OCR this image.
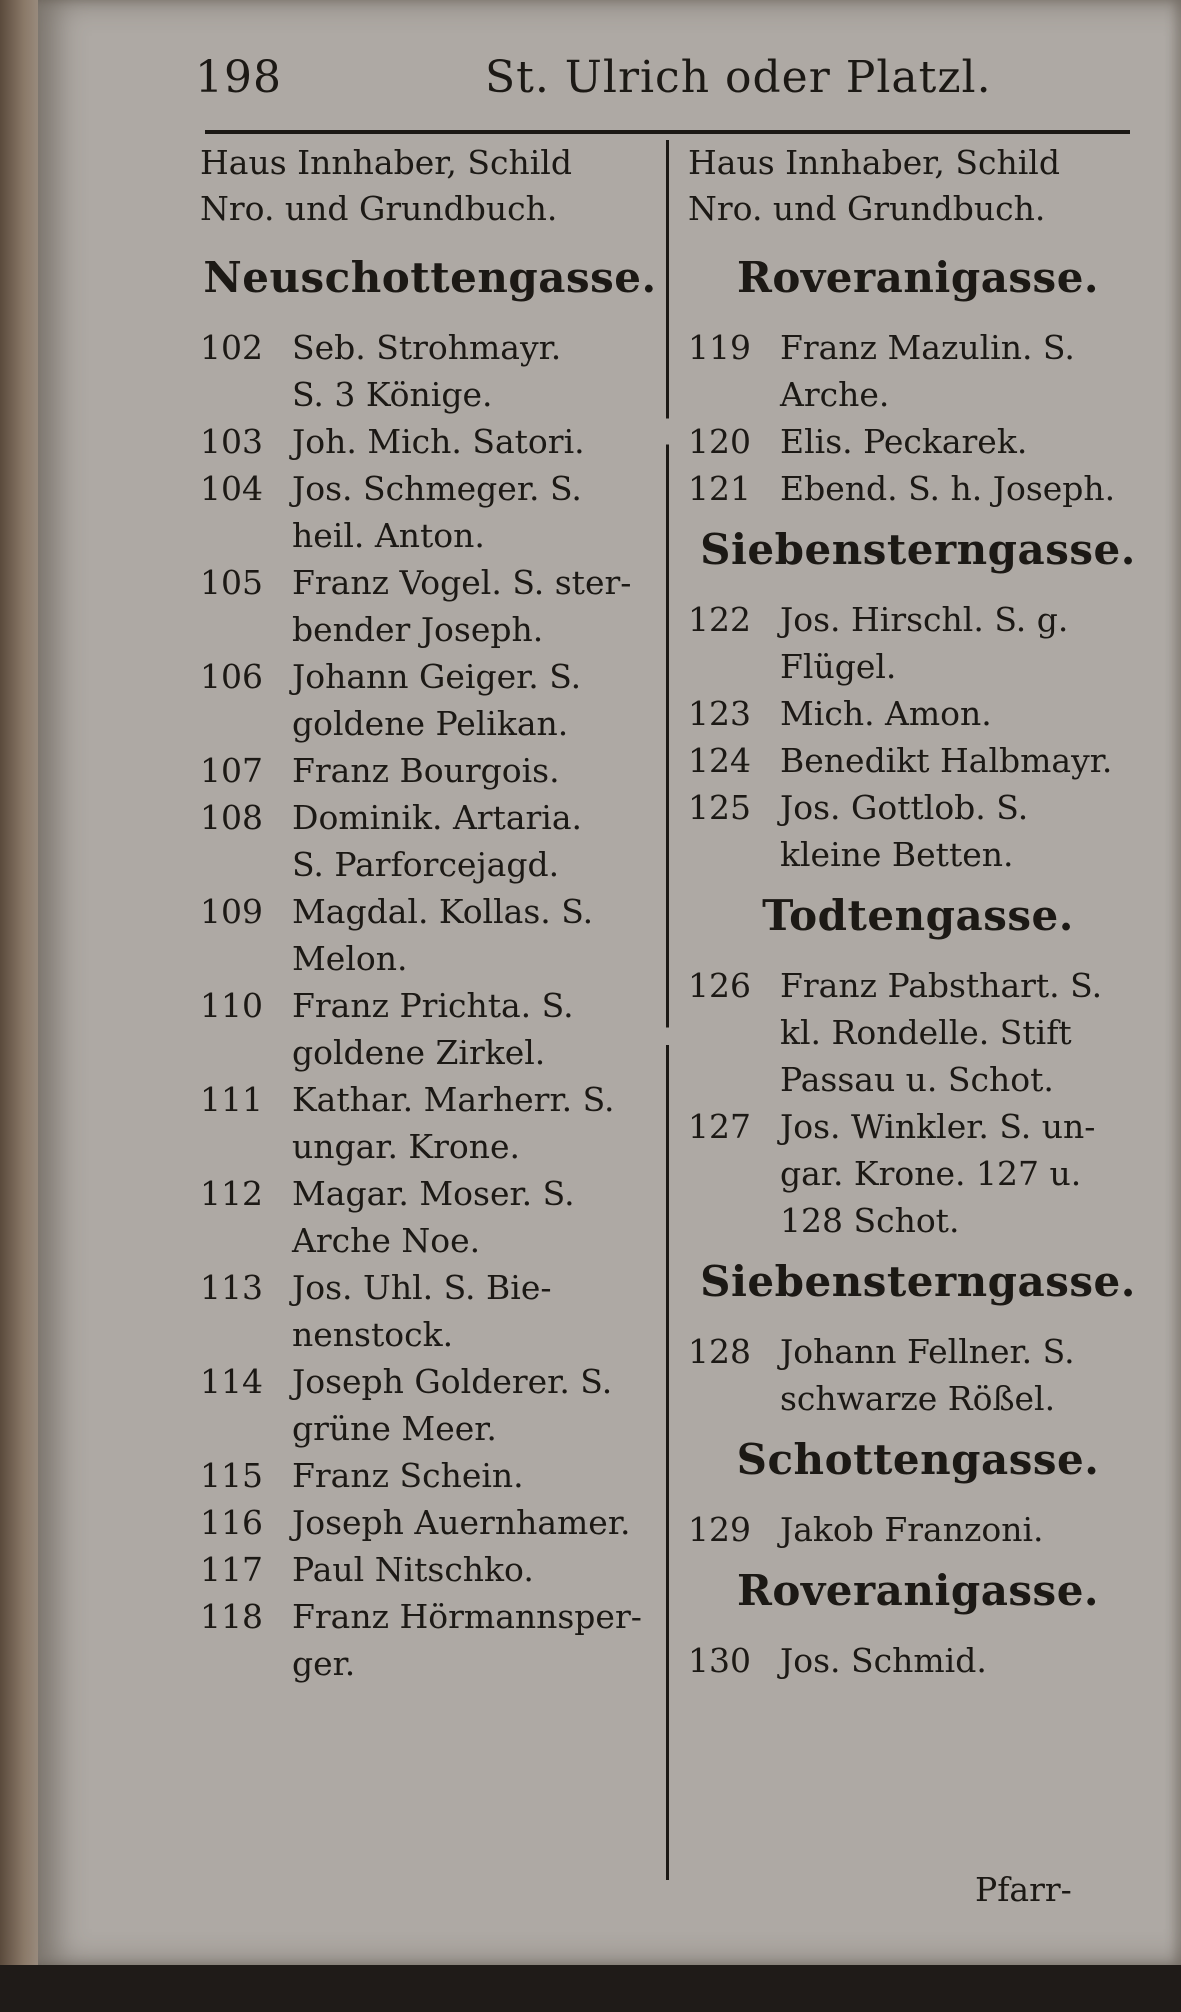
198	St. Ulrich oder Platzl.
Haus Innhaber, Schild
Nro. und Grundbuch.
Neuschottengasse.
102 Seb. Strohmayr.
S. 3 Könige.
103 Joh. Mich. Satori.
104 Jos. Schmeger. S.
heil. Anton.
105 Franz Vogel. S. ster-
bender Joseph.
106 Johann Geiger. S.
goldene Pelikan.
107 Franz Bourgois.
108 Dominik. Artaria.
S. Parforcejagd.
109 Magdal. Kollas. S.
Melon.
110 Franz Prichta. S.
goldene Zirkel.
111 Kathar. Marherr. S.
ungar. Krone.
112 Magar. Moser. S.
Arche Noe.
113 Jos. Uhl. S. Bie-
nenstock.
114 Joseph Golderer. S.
grüne Meer.
115 Franz Schein.
116 Joseph Auernhamer.
117 Paul Nitschko.
118 Franz Hörmannsper-
ger.
Haus Innhaber, Schild
Nro. und Grundbuch.
Roveranigasse.
119 Franz Mazulin. S.
Arche.
120 Elis. Peckarek.
121 Ebend. S. h. Joseph.
Siebensterngasse.
122 Jos. Hirschl. S. g.
Flügel.
123 Mich. Amon.
124 Benedikt Halbmayr.
125 Jos. Gottlob. S.
kleine Betten.
Todtengasse.
126 Franz Pabsthart. S.
kl. Rondelle. Stift
Passau u. Schot.
127 Jos. Winkler. S. un-
gar. Krone. 127 u.
128 Schot.
Siebensterngasse.
128 Johann Fellner. S.
schwarze Rößel.
Schottengasse.
129 Jakob Franzoni.
Roveranigasse.
130 Jos. Schmid.
Pfarr-
